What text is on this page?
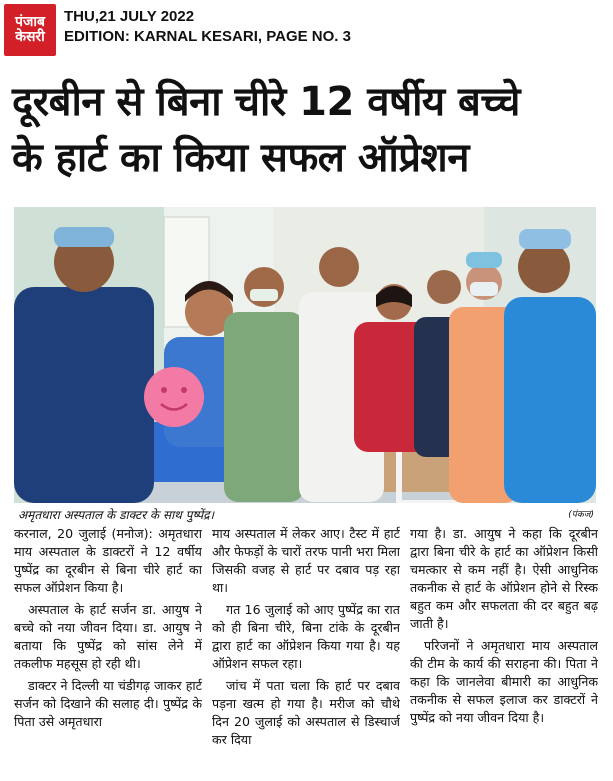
पंजाब
केसरी
THU,21 JULY 2022
EDITION: KARNAL KESARI, PAGE NO. 3
दूरबीन से बिना चीरे 12 वर्षीय बच्चे
के हार्ट का किया सफल ऑप्रेशन
अमृतधारा अस्पताल के डाक्टर के साथ पुष्पेंद्र।	(पंकज)

करनाल, 20 जुलाई (मनोज): अमृतधारा माय अस्पताल के डाक्टरों ने 12 वर्षीय पुष्पेंद्र का दूरबीन से बिना चीरे हार्ट का सफल ऑप्रेशन किया है।

अस्पताल के हार्ट सर्जन डा. आयुष ने बच्चे को नया जीवन दिया। डा. आयुष ने बताया कि पुष्पेंद्र को सांस लेने में तकलीफ महसूस हो रही थी।

डाक्टर ने दिल्ली या चंडीगढ़ जाकर हार्ट सर्जन को दिखाने की सलाह दी। पुष्पेंद्र के पिता उसे अमृतधारा

माय अस्पताल में लेकर आए। टैस्ट में हार्ट और फेफड़ों के चारों तरफ पानी भरा मिला जिसकी वजह से हार्ट पर दबाव पड़ रहा था।

गत 16 जुलाई को आए पुष्पेंद्र का रात को ही बिना चीरे, बिना टांके के दूरबीन द्वारा हार्ट का ऑप्रेशन किया गया है। यह ऑप्रेशन सफल रहा।

जांच में पता चला कि हार्ट पर दबाव पड़ना खत्म हो गया है। मरीज को चौथे दिन 20 जुलाई को अस्पताल से डिस्चार्ज कर दिया

गया है। डा. आयुष ने कहा कि दूरबीन द्वारा बिना चीरे के हार्ट का ऑप्रेशन किसी चमत्कार से कम नहीं है। ऐसी आधुनिक तकनीक से हार्ट के ऑप्रेशन होने से रिस्क बहुत कम और सफलता की दर बहुत बढ़ जाती है।

परिजनों ने अमृतधारा माय अस्पताल की टीम के कार्य की सराहना की। पिता ने कहा कि जानलेवा बीमारी का आधुनिक तकनीक से सफल इलाज कर डाक्टरों ने पुष्पेंद्र को नया जीवन दिया है।
